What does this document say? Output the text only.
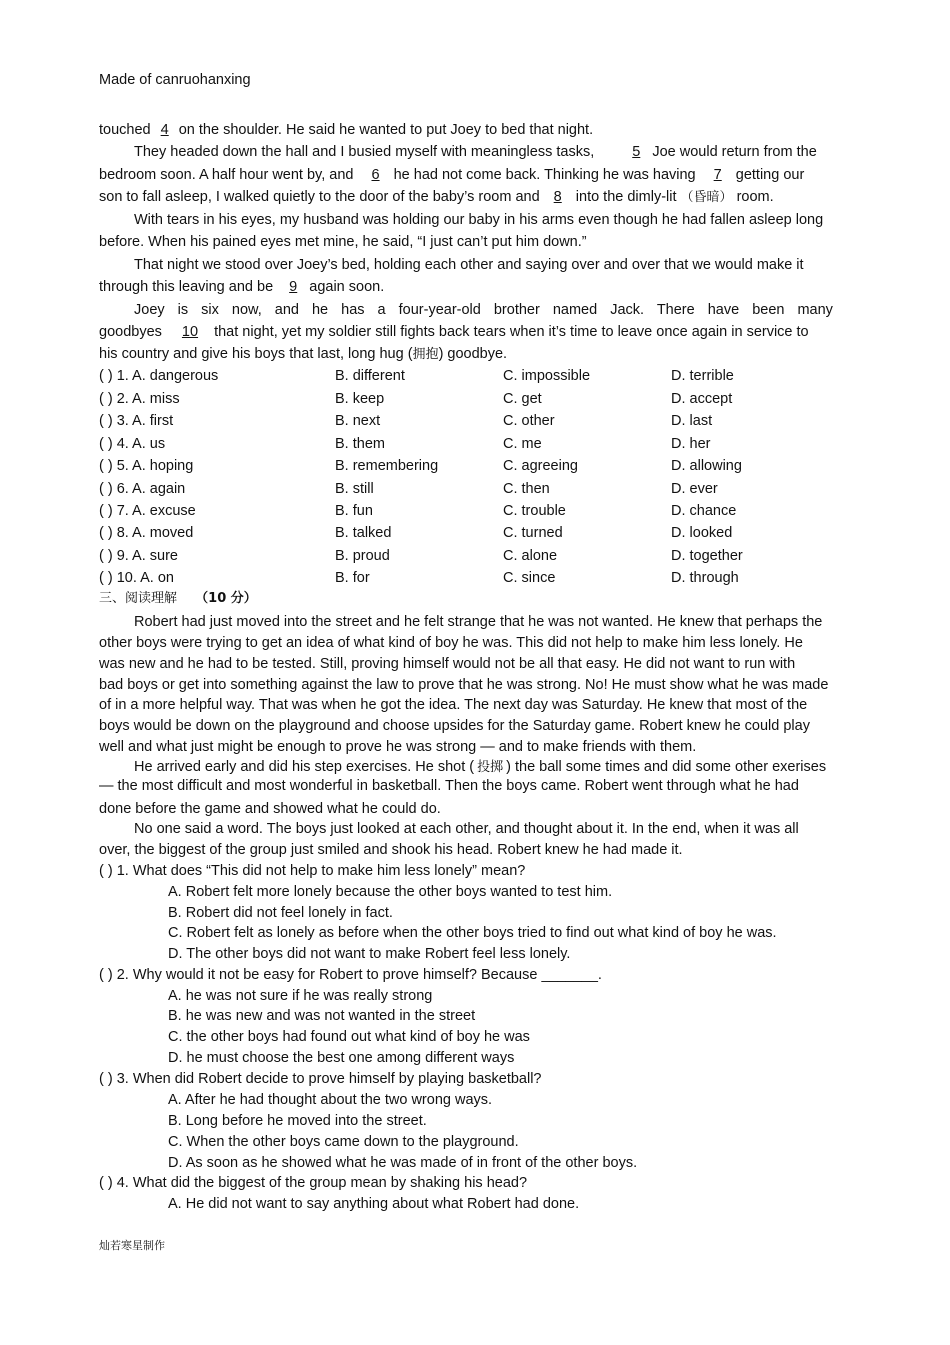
Made of canruohanxing
touched 4 on the shoulder. He said he wanted to put Joey to bed that night.
They headed down the hall and I busied myself with meaningless tasks,	5 Joe would return from the
bedroom soon. A half hour went by, and 6 he had not come back. Thinking he was having 7 getting our
son to fall asleep, I walked quietly to the door of the baby’s room and 8 into the dimly-lit （昏暗） room.
With tears in his eyes, my husband was holding our baby in his arms even though he had fallen asleep long
before. When his pained eyes met mine, he said, “I just can’t put him down.”
That night we stood over Joey’s bed, holding each other and saying over and over that we would make it
through this leaving and be 9 again soon.
Joey is six now, and he has a four-year-old brother named Jack. There have been many
goodbyes 10 that night, yet my soldier still fights back tears when it’s time to leave once again in service to
his country and give his boys that last, long hug (拥抱) goodbye.
( ) 1. A. dangerous	B. different	C. impossible	D. terrible
( ) 2. A. miss	B. keep	C. get	D. accept
( ) 3. A. first	B. next	C. other	D. last
( ) 4. A. us	B. them	C. me	D. her
( ) 5. A. hoping	B. remembering	C. agreeing	D. allowing
( ) 6. A. again	B. still	C. then	D. ever
( ) 7. A. excuse	B. fun	C. trouble	D. chance
( ) 8. A. moved	B. talked	C. turned	D. looked
( ) 9. A. sure	B. proud	C. alone	D. together
( ) 10. A. on	B. for	C. since	D. through
三、阅读理解 （10 分）
Robert had just moved into the street and he felt strange that he was not wanted. He knew that perhaps the
other boys were trying to get an idea of what kind of boy he was. This did not help to make him less lonely. He
was new and he had to be tested. Still, proving himself would not be all that easy. He did not want to run with
bad boys or get into something against the law to prove that he was strong. No! He must show what he was made
of in a more helpful way. That was when he got the idea. The next day was Saturday. He knew that most of the
boys would be down on the playground and choose upsides for the Saturday game. Robert knew he could play
well and what just might be enough to prove he was strong — and to make friends with them.
He arrived early and did his step exercises. He shot ( 投掷 ) the ball some times and did some other exerises
— the most difficult and most wonderful in basketball. Then the boys came. Robert went through what he had
done before the game and showed what he could do.
No one said a word. The boys just looked at each other, and thought about it. In the end, when it was all
over, the biggest of the group just smiled and shook his head. Robert knew he had made it.
( ) 1. What does “This did not help to make him less lonely” mean?
A. Robert felt more lonely because the other boys wanted to test him.
B. Robert did not feel lonely in fact.
C. Robert felt as lonely as before when the other boys tried to find out what kind of boy he was.
D. The other boys did not want to make Robert feel less lonely.
( ) 2. Why would it not be easy for Robert to prove himself? Because _______.
A. he was not sure if he was really strong
B. he was new and was not wanted in the street
C. the other boys had found out what kind of boy he was
D. he must choose the best one among different ways
( ) 3. When did Robert decide to prove himself by playing basketball?
A. After he had thought about the two wrong ways.
B. Long before he moved into the street.
C. When the other boys came down to the playground.
D. As soon as he showed what he was made of in front of the other boys.
( ) 4. What did the biggest of the group mean by shaking his head?
A. He did not want to say anything about what Robert had done.
灿若寒星制作
